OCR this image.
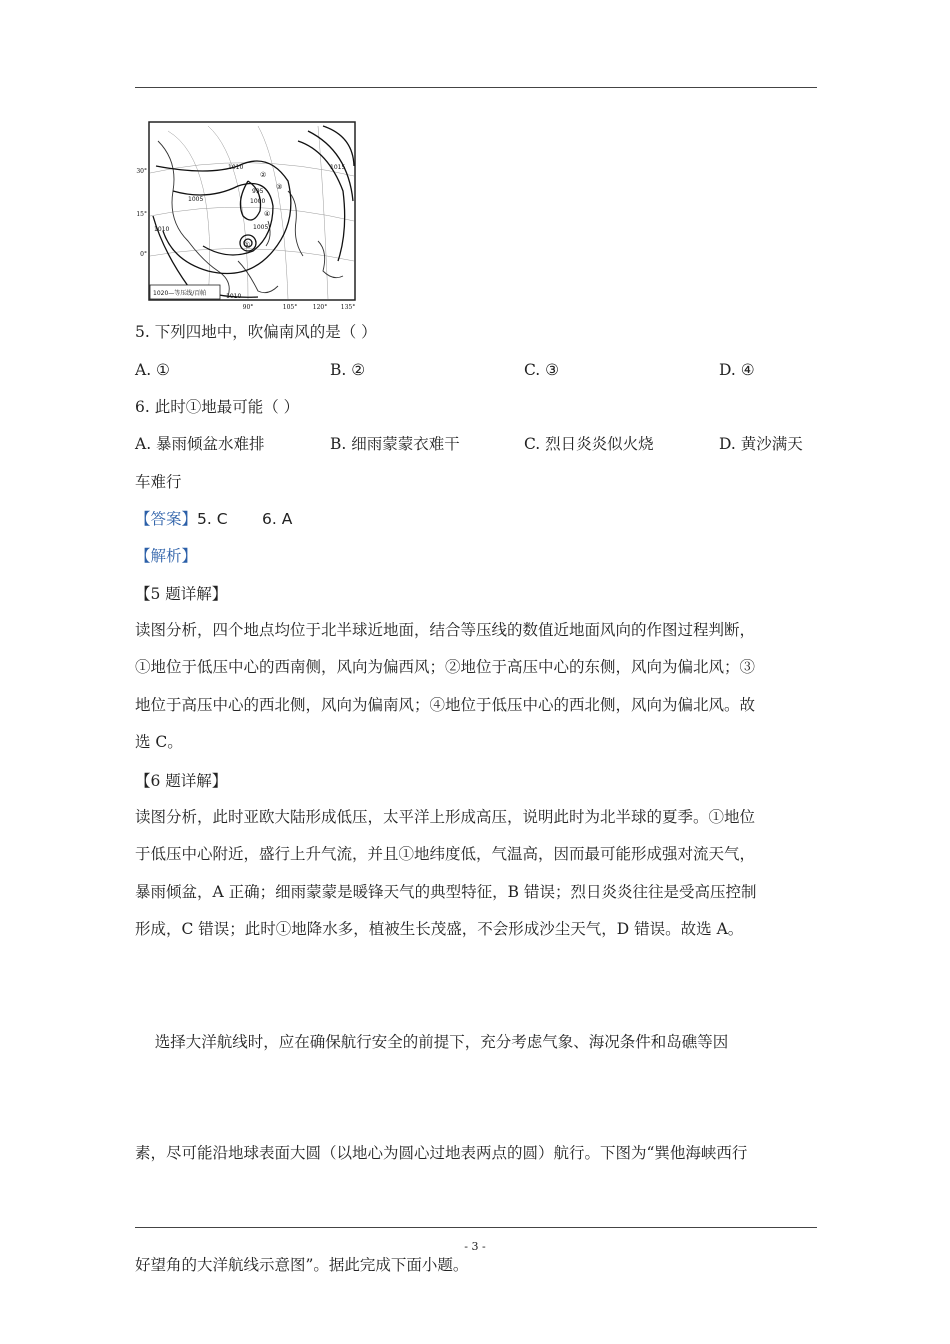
1010
1005	1000
995
1005
1015
1010
1010
①
②
③
④
1020—等压线/百帕
30°
15°
0°
90°	105°	120° 135°
5. 下列四地中，吹偏南风的是（ ）
A. ①	B. ②	C. ③	D. ④
6. 此时①地最可能（ ）
A. 暴雨倾盆水难排	B. 细雨蒙蒙衣难干	C. 烈日炎炎似火烧	D. 黄沙满天
车难行
【答案】5. C       6. A
【解析】
【5 题详解】
读图分析，四个地点均位于北半球近地面，结合等压线的数值近地面风向的作图过程判断，
①地位于低压中心的西南侧，风向为偏西风；②地位于高压中心的东侧，风向为偏北风；③
地位于高压中心的西北侧，风向为偏南风；④地位于低压中心的西北侧，风向为偏北风。故
选 C。
【6 题详解】
读图分析，此时亚欧大陆形成低压，太平洋上形成高压，说明此时为北半球的夏季。①地位
于低压中心附近，盛行上升气流，并且①地纬度低，气温高，因而最可能形成强对流天气，
暴雨倾盆，A 正确；细雨蒙蒙是暖锋天气的典型特征，B 错误；烈日炎炎往往是受高压控制
形成，C 错误；此时①地降水多，植被生长茂盛，不会形成沙尘天气，D 错误。故选 A。

选择大洋航线时，应在确保航行安全的前提下，充分考虑气象、海况条件和岛礁等因

素，尽可能沿地球表面大圆（以地心为圆心过地表两点的圆）航行。下图为“巽他海峡西行

好望角的大洋航线示意图”。据此完成下面小题。

- 3 -
